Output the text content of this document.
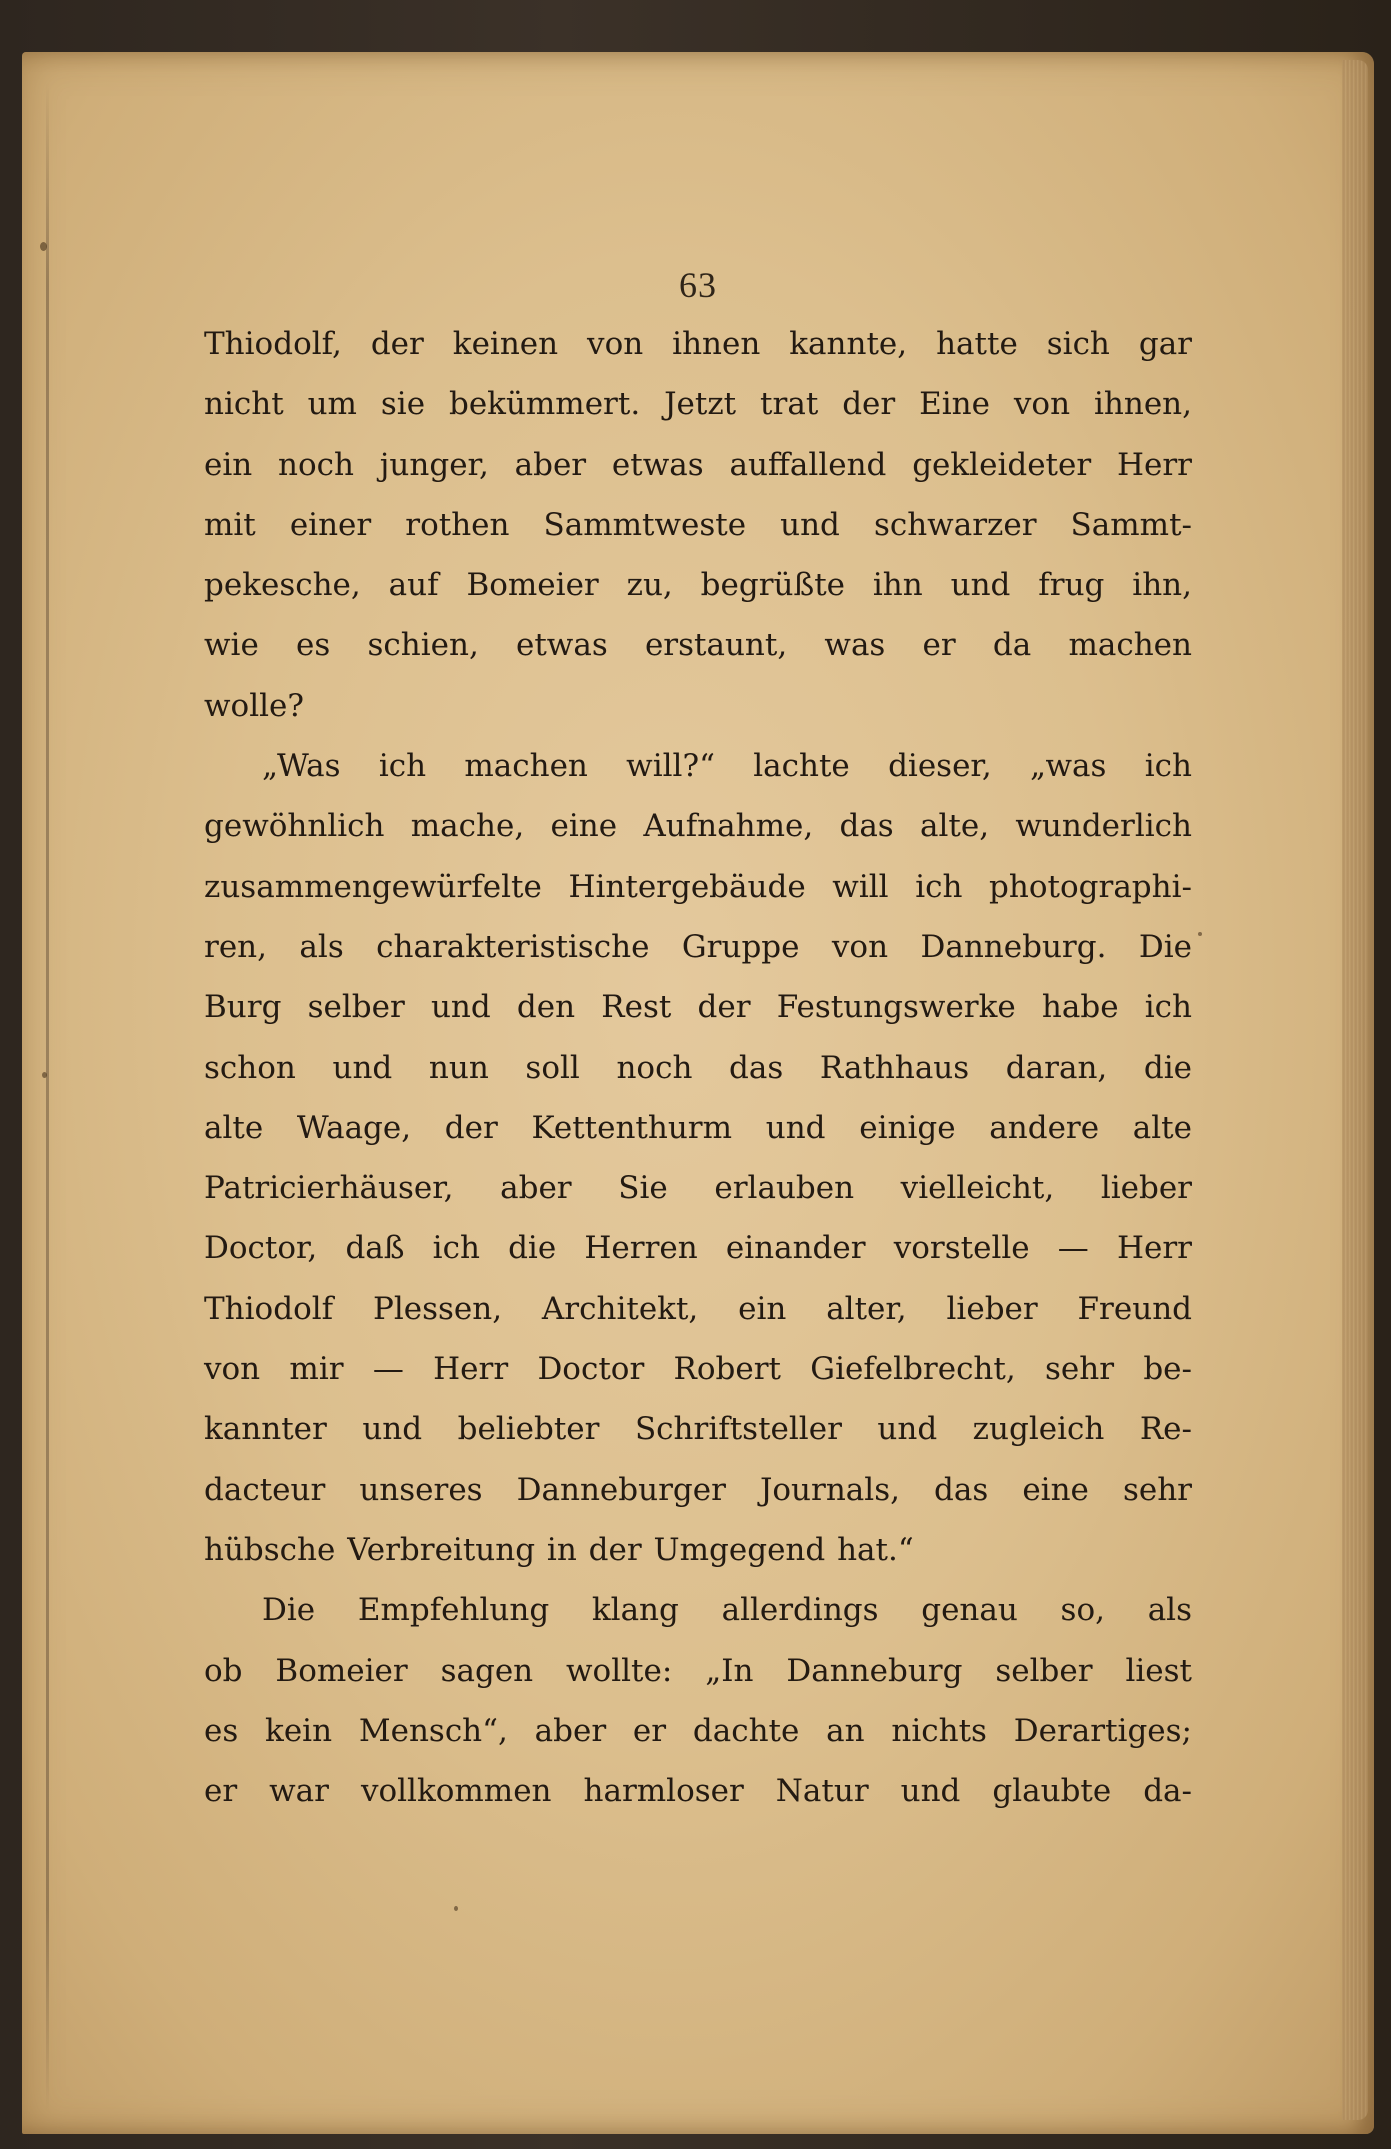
63

Thiodolf, der keinen von ihnen kannte, hatte sich gar

nicht um sie bekümmert. Jetzt trat der Eine von ihnen,

ein noch junger, aber etwas auffallend gekleideter Herr

mit einer rothen Sammtweste und schwarzer Sammt-

pekesche, auf Bomeier zu, begrüßte ihn und frug ihn,

wie es schien, etwas erstaunt, was er da machen

wolle?

„Was ich machen will?“ lachte dieser, „was ich

gewöhnlich mache, eine Aufnahme, das alte, wunderlich

zusammengewürfelte Hintergebäude will ich photographi-

ren, als charakteristische Gruppe von Danneburg. Die

Burg selber und den Rest der Festungswerke habe ich

schon und nun soll noch das Rathhaus daran, die

alte Waage, der Kettenthurm und einige andere alte

Patricierhäuser, aber Sie erlauben vielleicht, lieber

Doctor, daß ich die Herren einander vorstelle — Herr

Thiodolf Plessen, Architekt, ein alter, lieber Freund

von mir — Herr Doctor Robert Giefelbrecht, sehr be-

kannter und beliebter Schriftsteller und zugleich Re-

dacteur unseres Danneburger Journals, das eine sehr

hübsche Verbreitung in der Umgegend hat.“

Die Empfehlung klang allerdings genau so, als

ob Bomeier sagen wollte: „In Danneburg selber liest

es kein Mensch“, aber er dachte an nichts Derartiges;

er war vollkommen harmloser Natur und glaubte da-
